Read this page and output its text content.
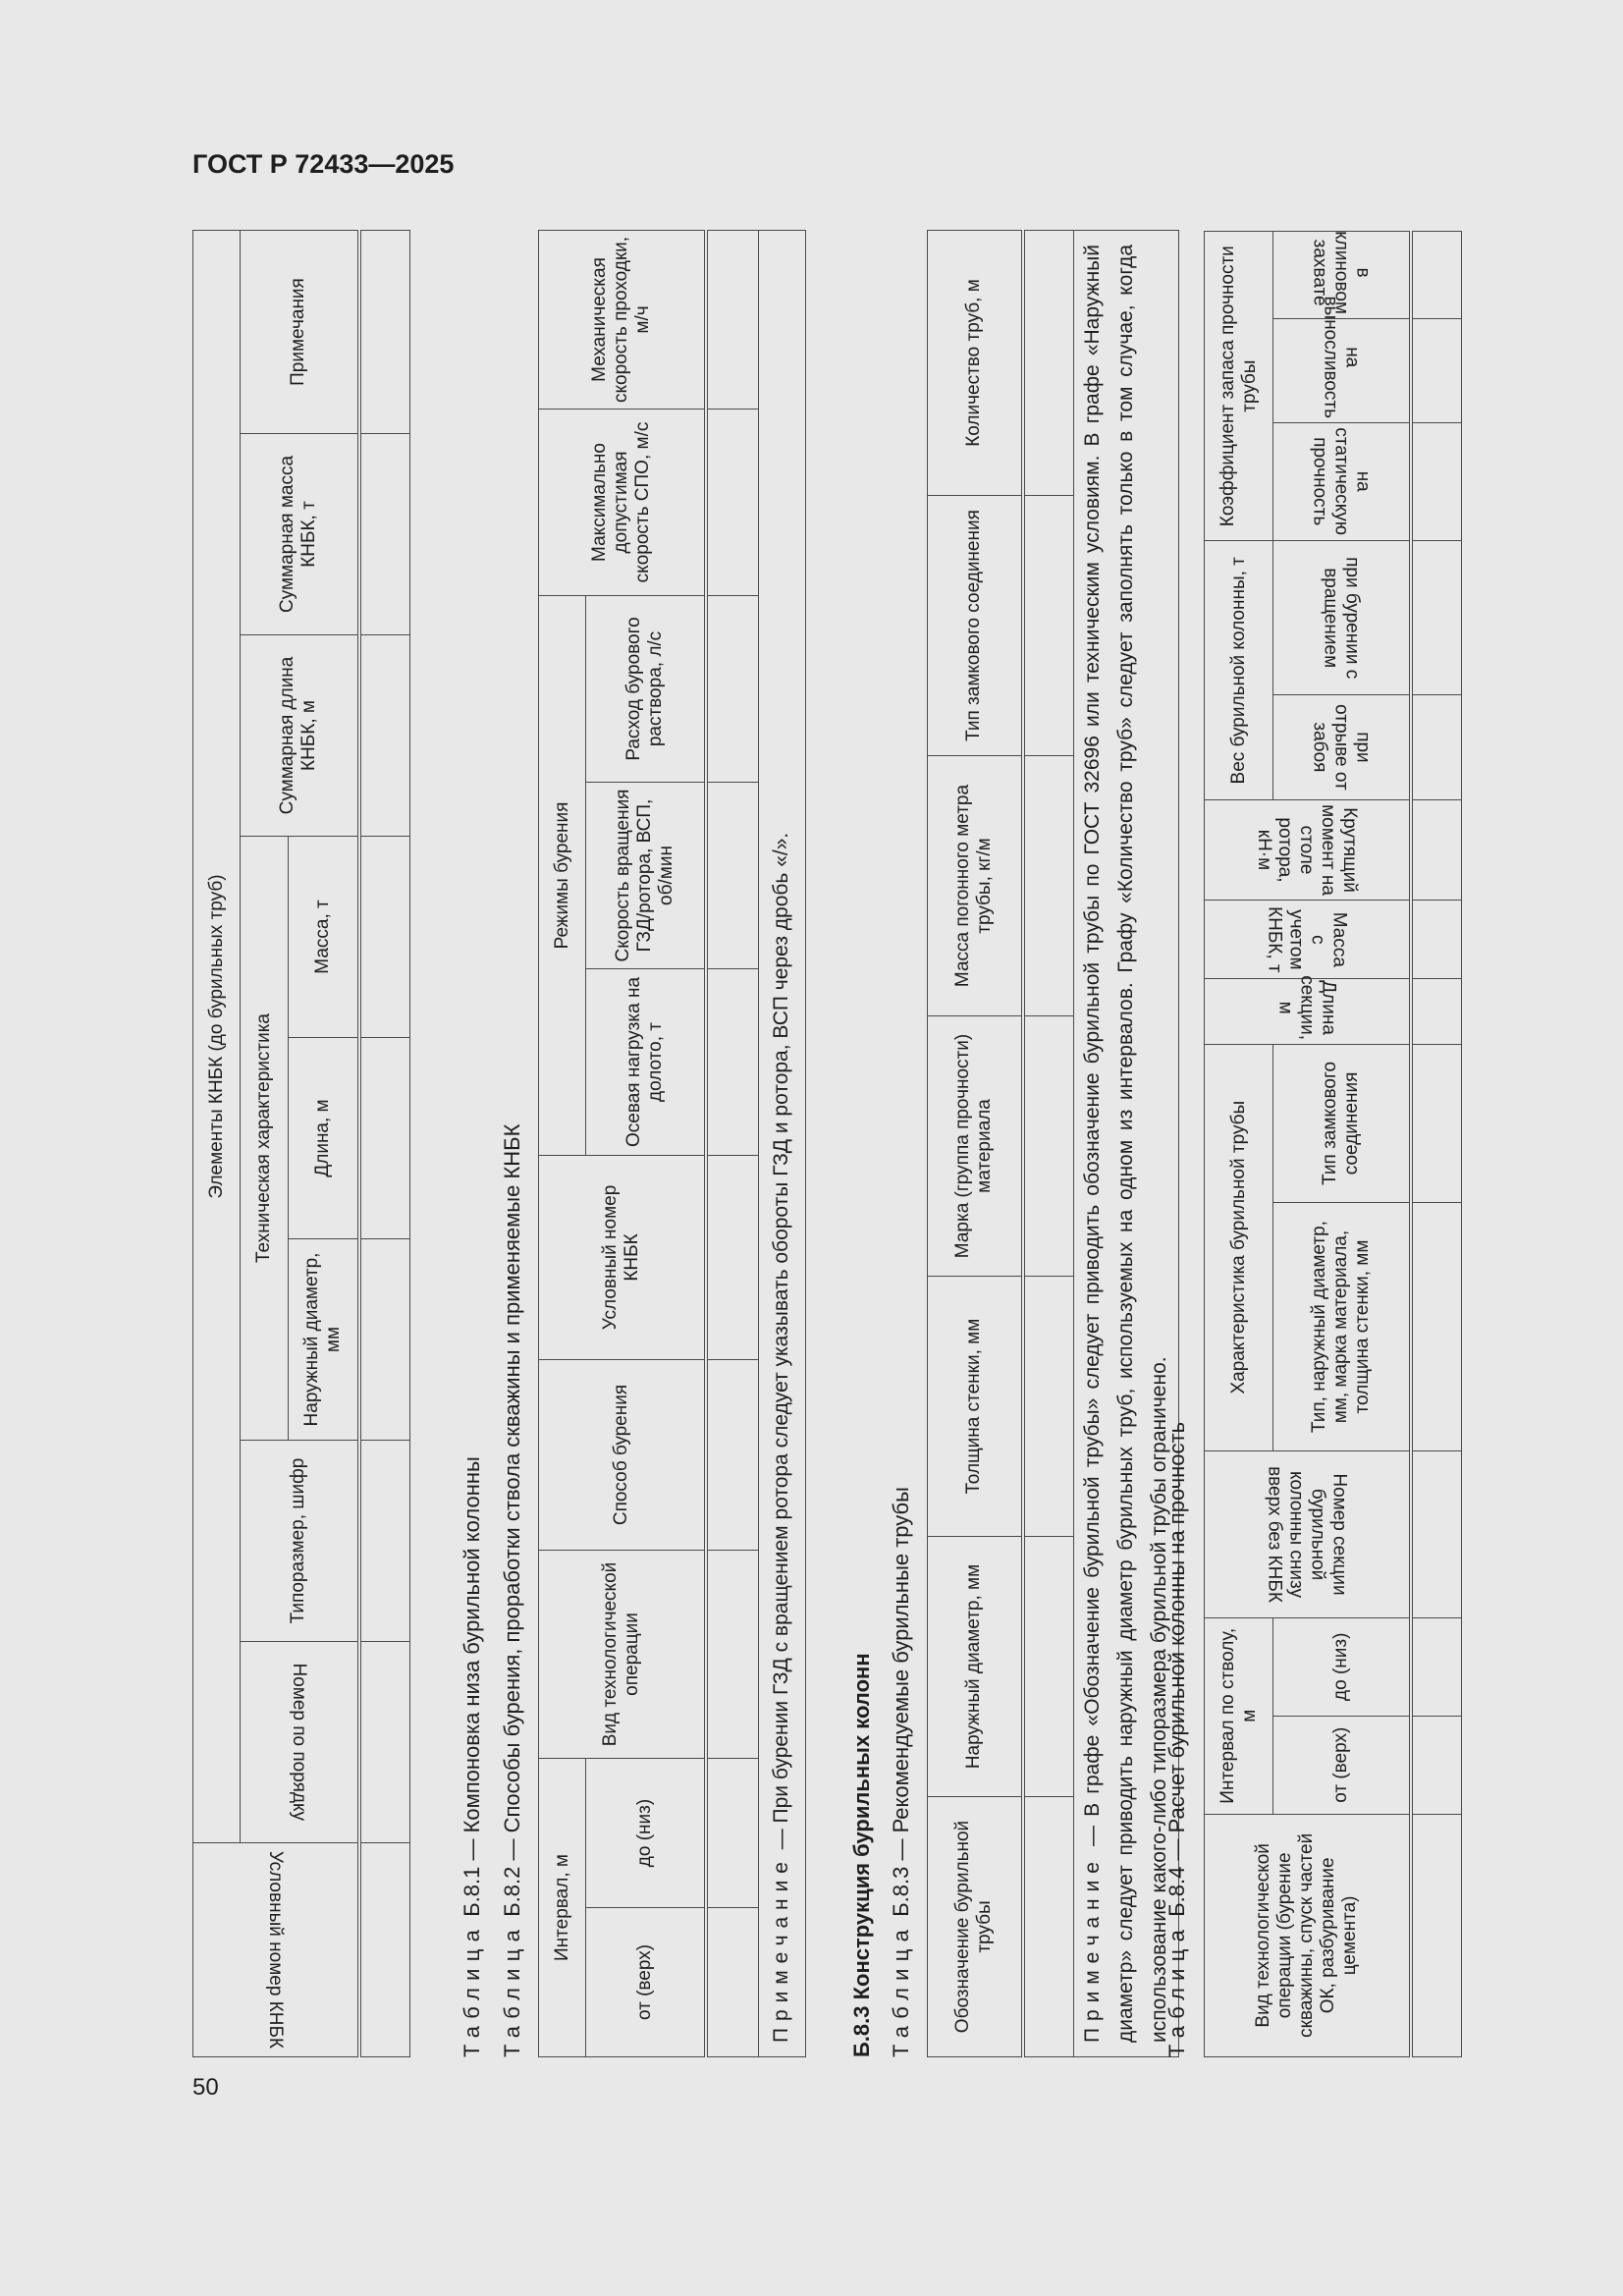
ГОСТ Р 72433—2025
50
Таблица Б.8.1 — Компоновка низа бурильной колонны
Условный номер КНБК	Элементы КНБК (до бурильных труб)							
	Номер по порядку	Типоразмер, шифр	Техническая характеристика			Суммарная длина КНБК, м	Суммарная масса КНБК, т	Примечания
			Наружный диаметр, мм	Длина, м	Масса, т			

Таблица Б.8.2 — Способы бурения, проработки ствола скважины и применяемые КНБК Интервал, м		Вид технологической операции	Способ бурения	Условный номер КНБК	Режимы бурения			Максимально допустимая скорость СПО, м/с	Механическая скорость проходки, м/ч
от (верх)	до (низ)				Осевая нагрузка на долото, т	Скорость вращения ГЗД/ротора, ВСП, об/мин	Расход бурового раствора, л/с		

Примечание — При бурении ГЗД с вращением ротора следует указывать обороты ГЗД и ротора, ВСП через дробь «/».									
Б.8.3 Конструкция бурильных колонн Таблица Б.8.3 — Рекомендуемые бурильные трубы
Обозначение бурильной трубы	Наружный диаметр, мм	Толщина стенки, мм	Марка (группа прочности) материала	Масса погонного метра трубы, кг/м	Тип замкового соединения	Количество труб, м

Примечание — В графе «Обозначение бурильной трубы» следует приводить обозначение бурильной трубы по ГОСТ 32696 или техническим условиям. В графе «Наружный диаметр» следует приводить наружный диаметр бурильных труб, используемых на одном из интервалов. Графу «Количество труб» следует заполнять только в том случае, когда использование какого-либо типоразмера бурильной трубы ограничено.						
Таблица Б.8.4 — Расчет бурильной колонны на прочность
Вид технологической операции (бурение скважины, спуск частей ОК, разбуривание цемента)	Интервал по стволу, м		Номер секции бурильной колонны снизу вверх без КНБК	Характеристика бурильной трубы		Длина секции, м	Масса с учетом КНБК, т	Крутящий момент на столе ротора, кН·м	Вес бурильной колонны, т		Коэффициент запаса прочности трубы		
	от (верх)	до (низ)		Тип, наружный диаметр, мм, марка материала, толщина стенки, мм	Тип замкового соединения				при отрыве от забоя	при бурении с вращением	на статическую прочность	на выносливость	в клиновом захвате
